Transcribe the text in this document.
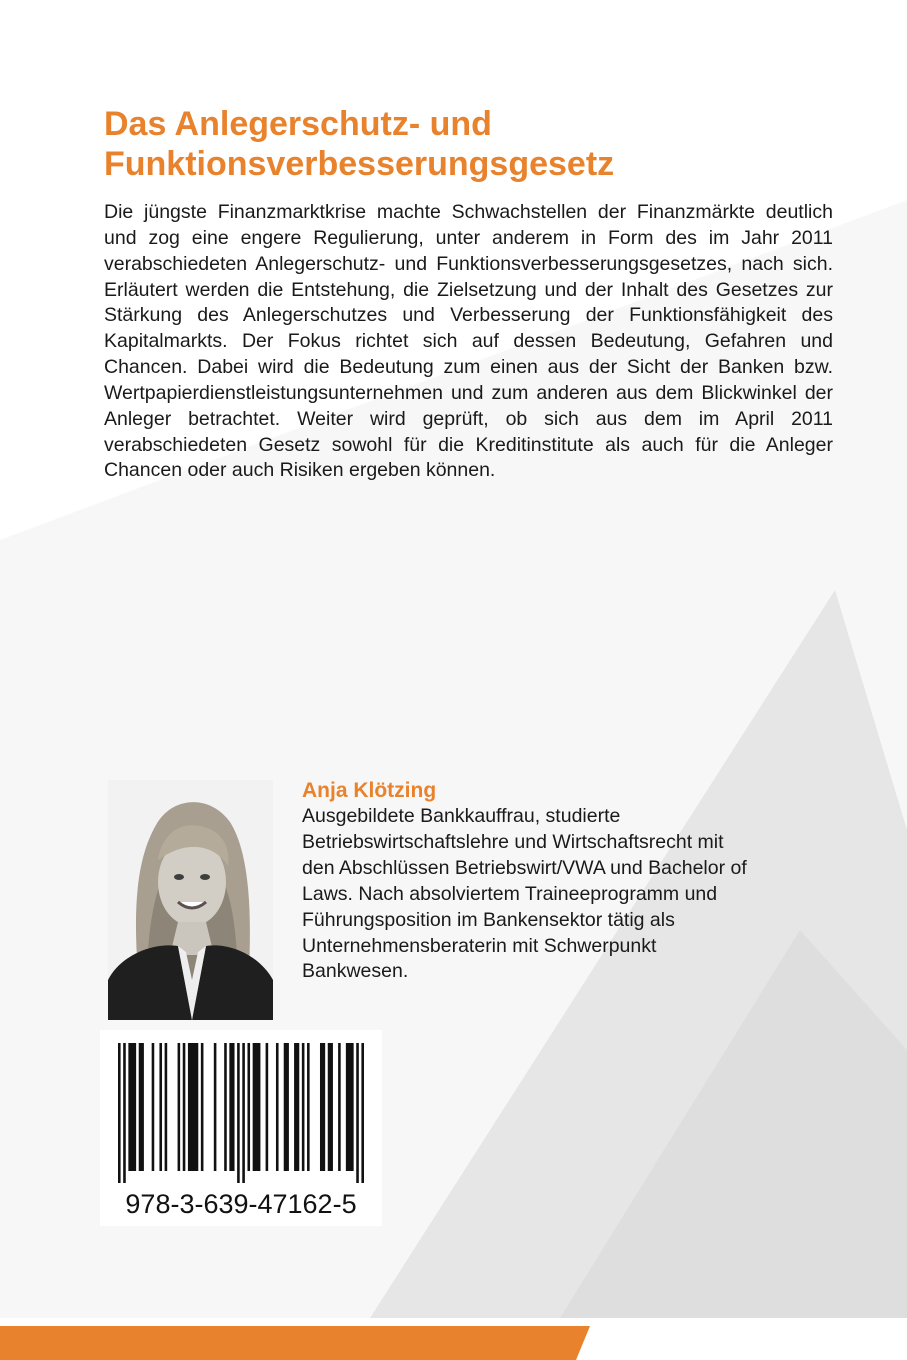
Das Anlegerschutz- und
Funktionsverbesserungsgesetz

Die jüngste Finanzmarktkrise machte Schwachstellen der Finanzmärkte deutlich und zog eine engere Regulierung, unter anderem in Form des im Jahr 2011 verabschiedeten Anlegerschutz- und Funktionsverbesserungsgesetzes, nach sich. Erläutert werden die Entstehung, die Zielsetzung und der Inhalt des Gesetzes zur Stärkung des Anlegerschutzes und Verbesserung der Funktionsfähigkeit des Kapitalmarkts. Der Fokus richtet sich auf dessen Bedeutung, Gefahren und Chancen. Dabei wird die Bedeutung zum einen aus der Sicht der Banken bzw. Wertpapierdienstleistungsunternehmen und zum anderen aus dem Blickwinkel der Anleger betrachtet. Weiter wird geprüft, ob sich aus dem im April 2011 verabschiedeten Gesetz sowohl für die Kreditinstitute als auch für die Anleger Chancen oder auch Risiken ergeben können.

Anja Klötzing

Ausgebildete Bankkauffrau, studierte
Betriebswirtschaftslehre und Wirtschaftsrecht mit
den Abschlüssen Betriebswirt/VWA und Bachelor of
Laws. Nach absolviertem Traineeprogramm und
Führungsposition im Bankensektor tätig als
Unternehmensberaterin mit Schwerpunkt
Bankwesen.

978-3-639-47162-5
